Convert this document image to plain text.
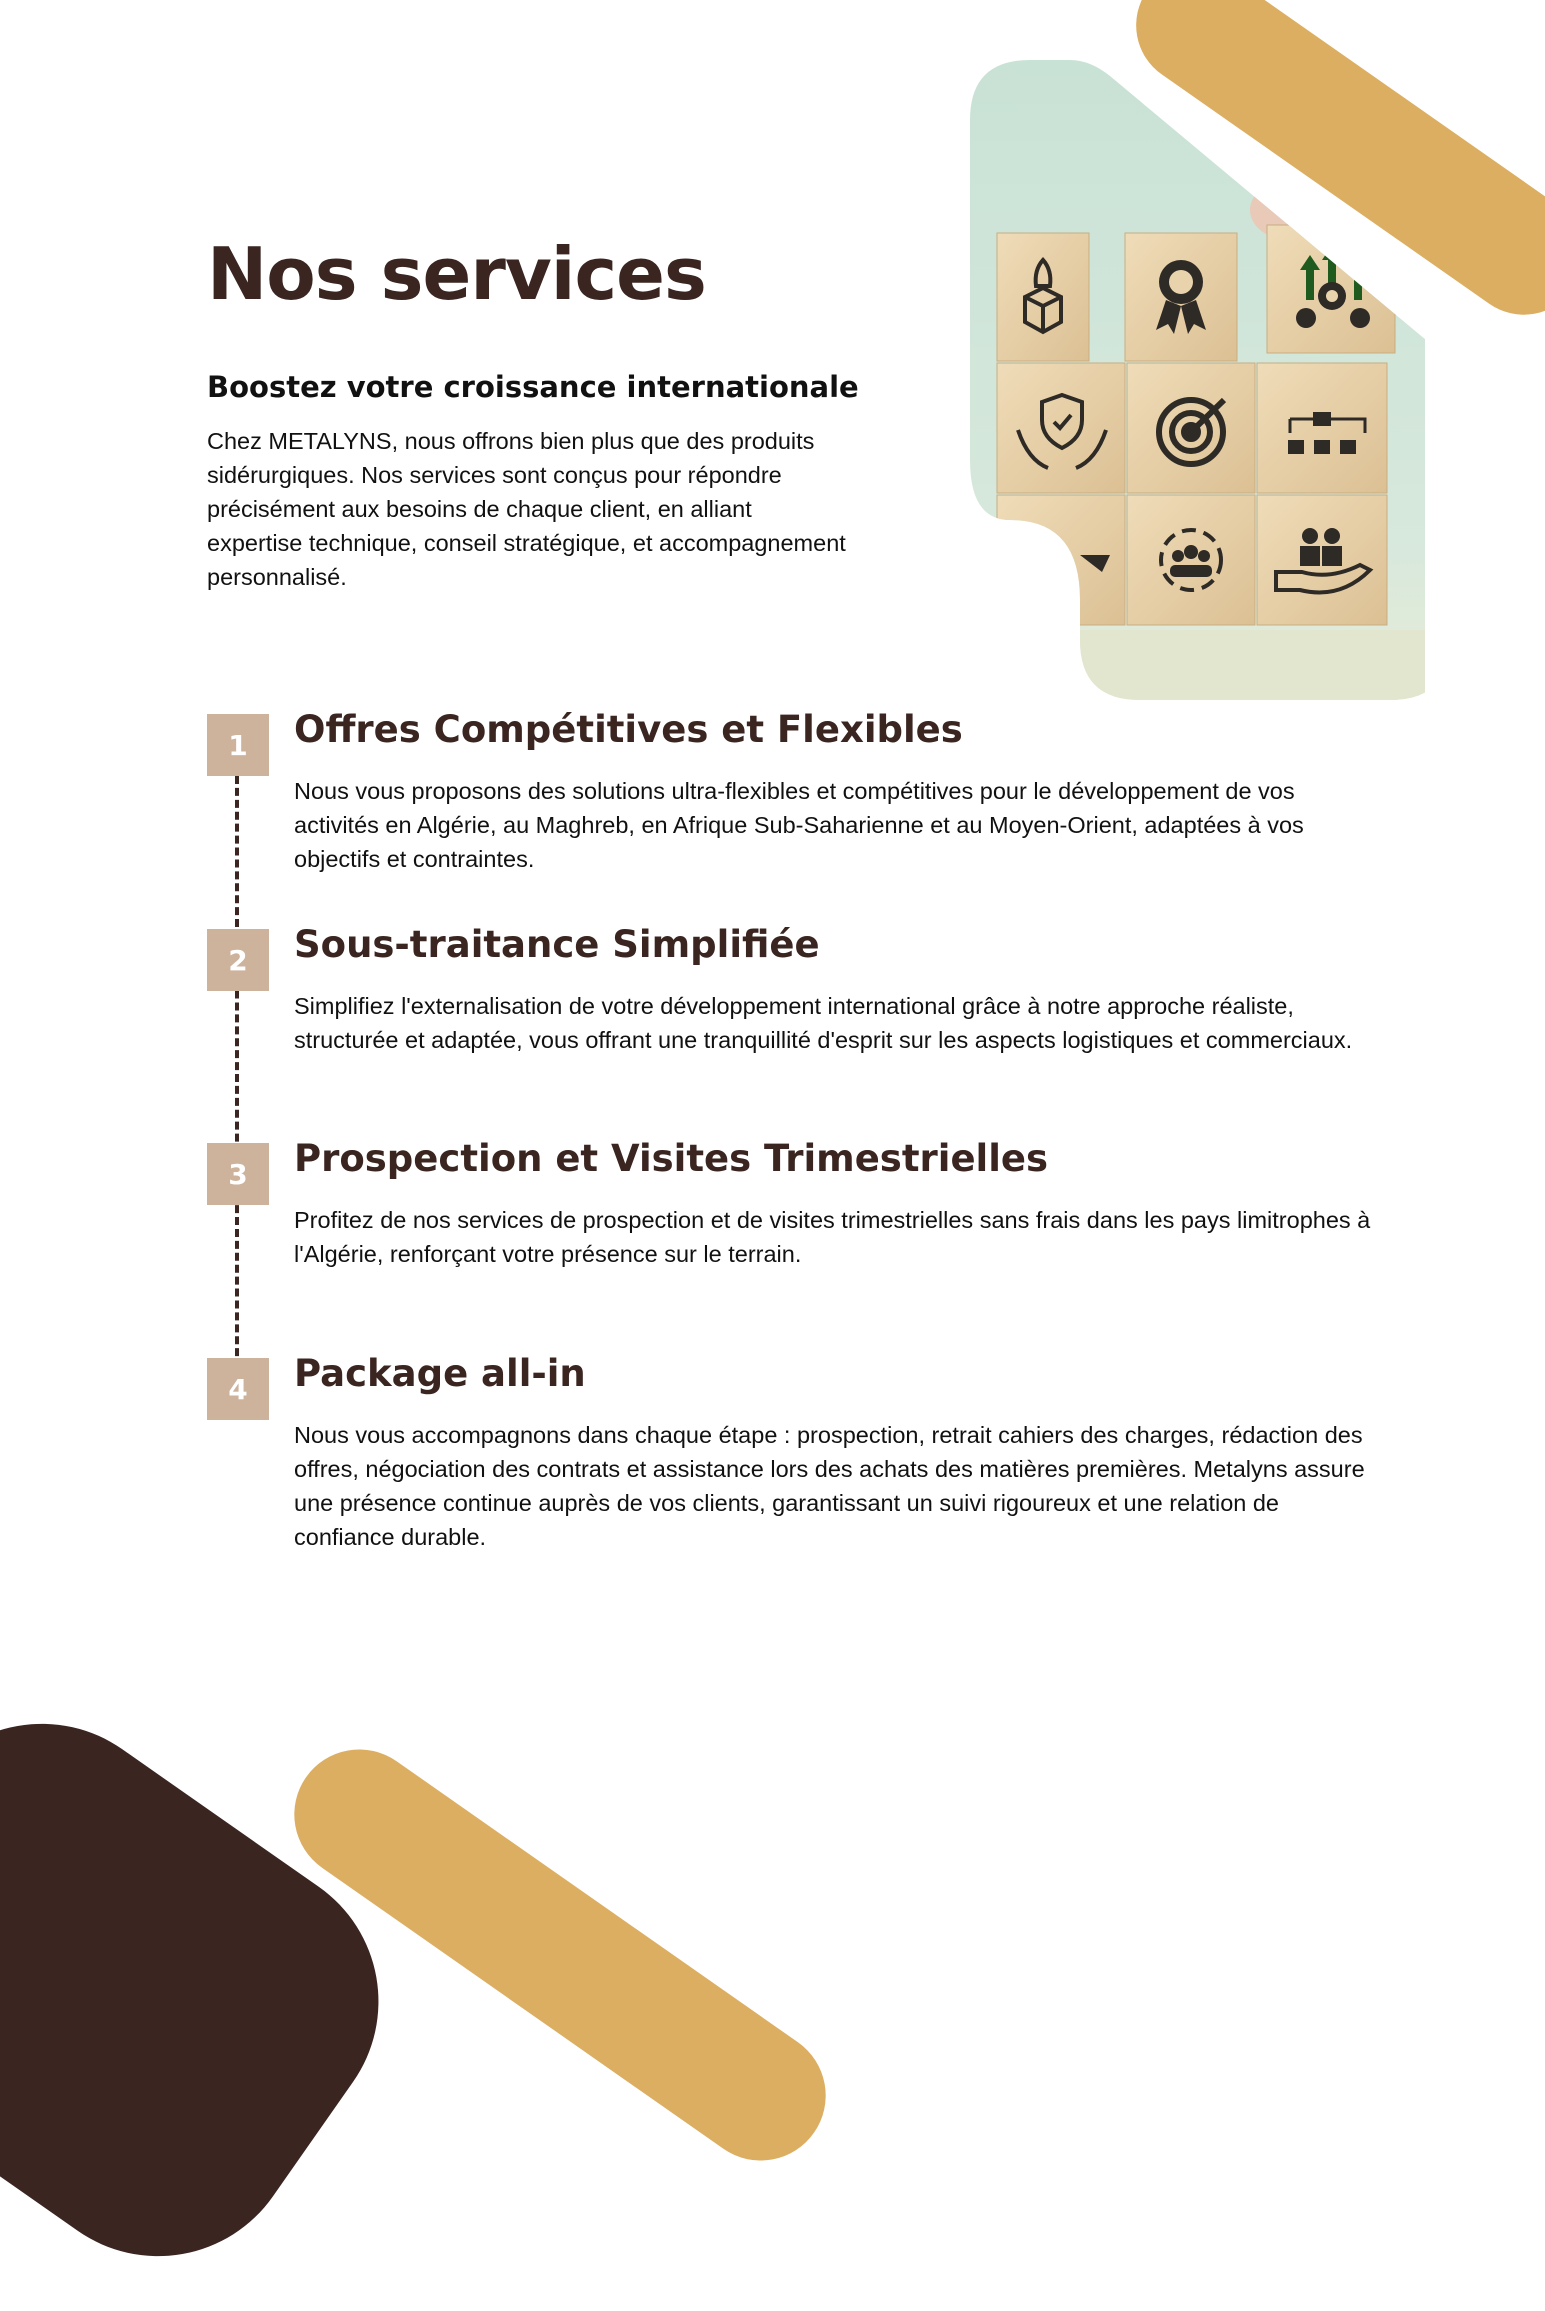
Nos services

Boostez votre croissance internationale

Chez METALYNS, nous offrons bien plus que des produits sidérurgiques. Nos services sont conçus pour répondre précisément aux besoins de chaque client, en alliant expertise technique, conseil stratégique, et accompagnement personnalisé.

1	Offres Compétitives et Flexibles

Nous vous proposons des solutions ultra-flexibles et compétitives pour le développement de vos activités en Algérie, au Maghreb, en Afrique Sub-Saharienne et au Moyen-Orient, adaptées à vos objectifs et contraintes.

2	Sous-traitance Simplifiée

Simplifiez l'externalisation de votre développement international grâce à notre approche réaliste, structurée et adaptée, vous offrant une tranquillité d'esprit sur les aspects logistiques et commerciaux.

3	Prospection et Visites Trimestrielles

Profitez de nos services de prospection et de visites trimestrielles sans frais dans les pays limitrophes à l'Algérie, renforçant votre présence sur le terrain.

4	Package all-in

Nous vous accompagnons dans chaque étape : prospection, retrait cahiers des charges, rédaction des offres, négociation des contrats et assistance lors des achats des matières premières. Metalyns assure une présence continue auprès de vos clients, garantissant un suivi rigoureux et une relation de confiance durable.
